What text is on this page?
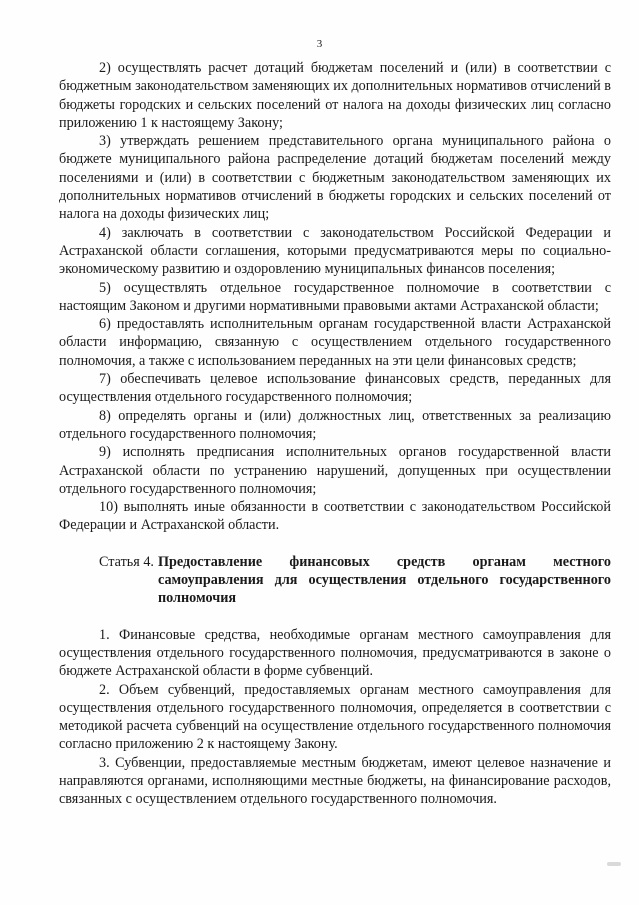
3

2) осуществлять расчет дотаций бюджетам поселений и (или) в соответствии с бюджетным законодательством заменяющих их дополнительных нормативов отчислений в бюджеты городских и сельских поселений от налога на доходы физических лиц согласно приложению 1 к настоящему Закону;

3) утверждать решением представительного органа муниципального района о бюджете муниципального района распределение дотаций бюджетам поселений между поселениями и (или) в соответствии с бюджетным законодательством заменяющих их дополнительных нормативов отчислений в бюджеты городских и сельских поселений от налога на доходы физических лиц;

4) заключать в соответствии с законодательством Российской Федерации и Астраханской области соглашения, которыми предусматриваются меры по социально-экономическому развитию и оздоровлению муниципальных финансов поселения;

5) осуществлять отдельное государственное полномочие в соответствии с настоящим Законом и другими нормативными правовыми актами Астраханской области;

6) предоставлять исполнительным органам государственной власти Астраханской области информацию, связанную с осуществлением отдельного государственного полномочия, а также с использованием переданных на эти цели финансовых средств;

7) обеспечивать целевое использование финансовых средств, переданных для осуществления отдельного государственного полномочия;

8) определять органы и (или) должностных лиц, ответственных за реализацию отдельного государственного полномочия;

9) исполнять предписания исполнительных органов государственной власти Астраханской области по устранению нарушений, допущенных при осуществлении отдельного государственного полномочия;

10) выполнять иные обязанности в соответствии с законодательством Российской Федерации и Астраханской области.

Статья 4. Предоставление финансовых средств органам местного самоуправления для осуществления отдельного государственного полномочия

1. Финансовые средства, необходимые органам местного самоуправления для осуществления отдельного государственного полномочия, предусматриваются в законе о бюджете Астраханской области в форме субвенций.

2. Объем субвенций, предоставляемых органам местного самоуправления для осуществления отдельного государственного полномочия, определяется в соответствии с методикой расчета субвенций на осуществление отдельного государственного полномочия согласно приложению 2 к настоящему Закону.

3. Субвенции, предоставляемые местным бюджетам, имеют целевое назначение и направляются органами, исполняющими местные бюджеты, на финансирование расходов, связанных с осуществлением отдельного государственного полномочия.
